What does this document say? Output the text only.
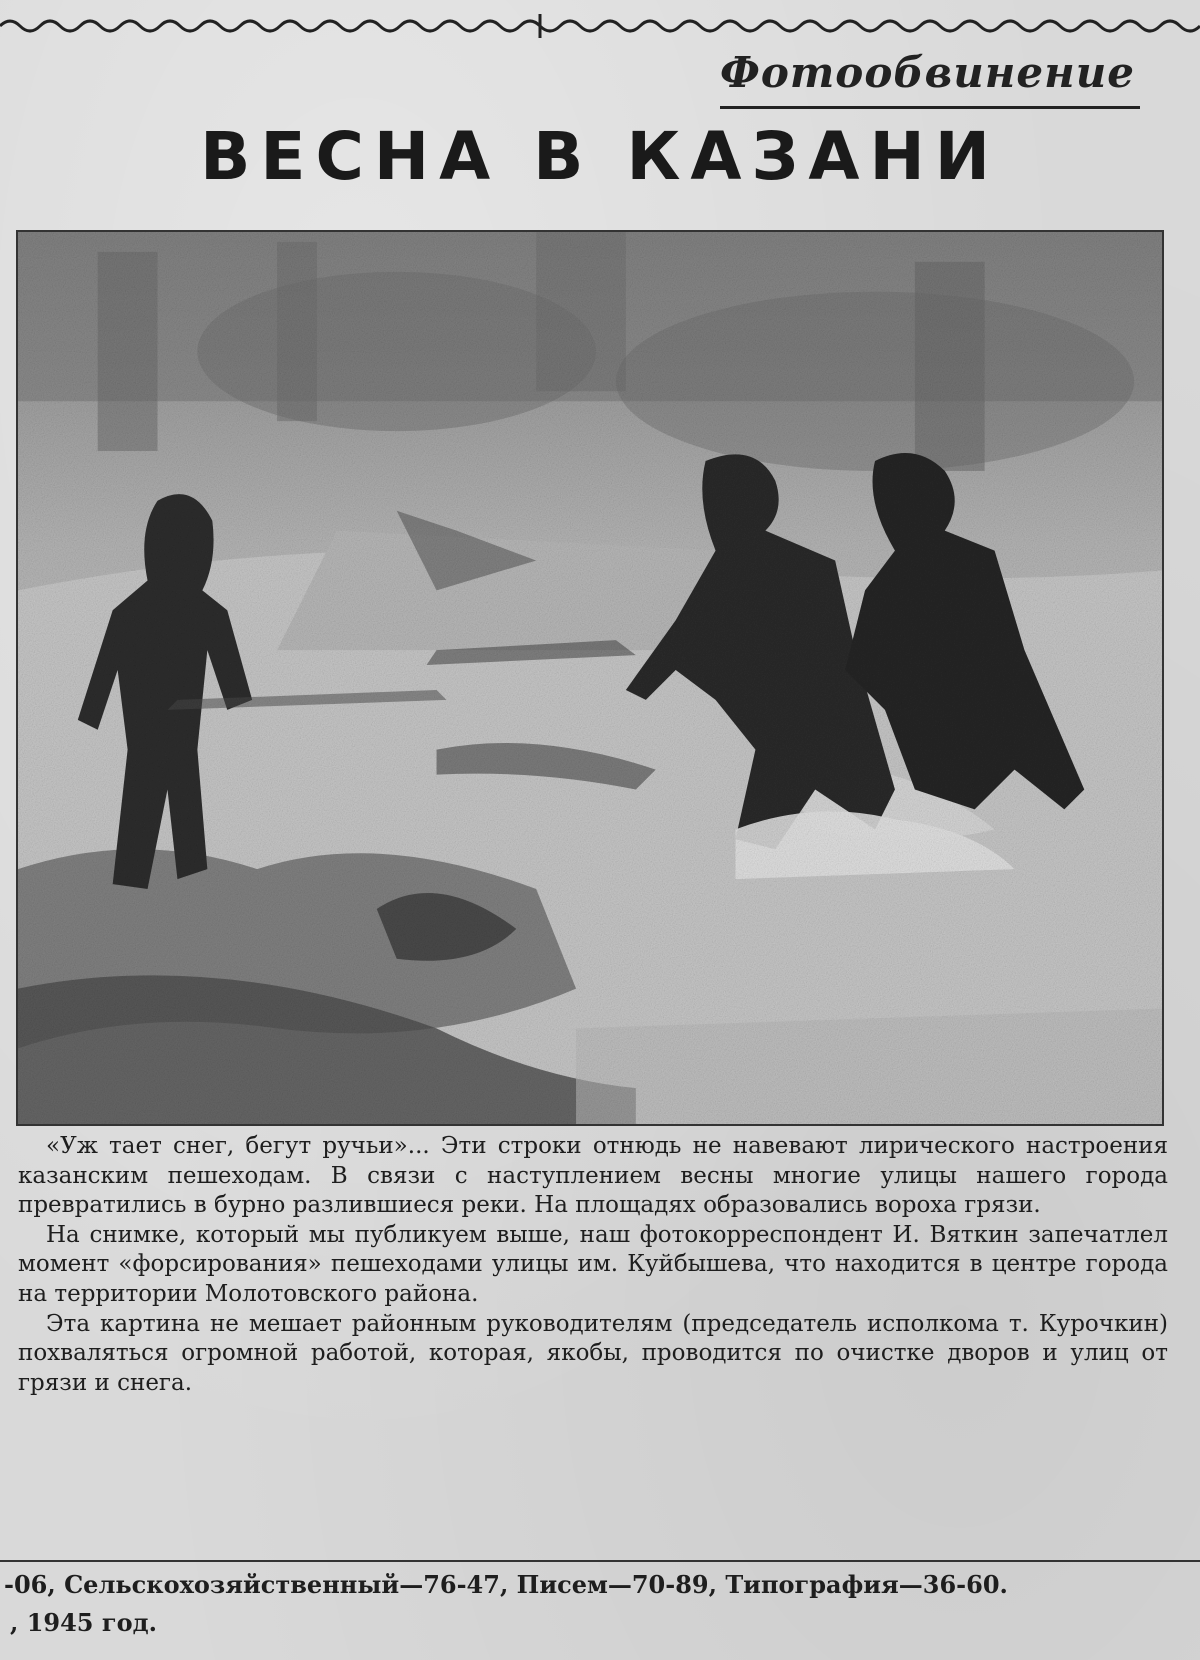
Фотообвинение
ВЕСНА В КАЗАНИ

«Уж тает снег, бегут ручьи»... Эти строки отнюдь не навевают лирического настроения казанским пешеходам. В связи с наступлением весны многие улицы нашего города превратились в бурно разлившиеся реки. На площадях образовались вороха грязи.

На снимке, который мы публикуем выше, наш фотокорреспондент И. Вяткин запечатлел момент «форсирования» пешеходами улицы им. Куйбышева, что находится в центре города на территории Молотовского района.

Эта картина не мешает районным руководителям (председатель исполкома т. Курочкин) похваляться огромной работой, которая, якобы, проводится по очистке дворов и улиц от грязи и снега.

-06, Сельскохозяйственный—76-47, Писем—70-89, Типография—36-60.
, 1945 год.
